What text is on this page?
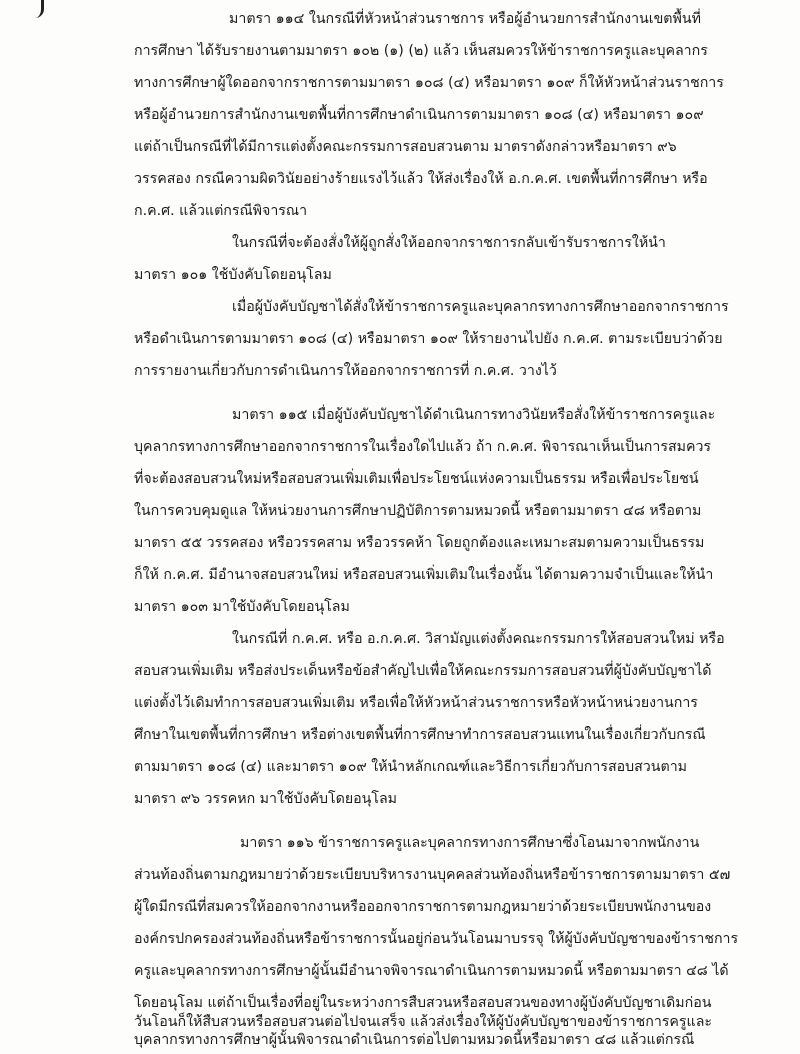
มาตรา ๑๑๔ ในกรณีที่หัวหน้าส่วนราชการ หรือผู้อำนวยการสำนักงานเขตพื้นที่
การศึกษา ได้รับรายงานตามมาตรา ๑๐๒ (๑) (๒) แล้ว เห็นสมควรให้ข้าราชการครูและบุคลากร
ทางการศึกษาผู้ใดออกจากราชการตามมาตรา ๑๐๘ (๔) หรือมาตรา ๑๐๙ ก็ให้หัวหน้าส่วนราชการ
หรือผู้อำนวยการสำนักงานเขตพื้นที่การศึกษาดำเนินการตามมาตรา ๑๐๘ (๔) หรือมาตรา ๑๐๙
แต่ถ้าเป็นกรณีที่ได้มีการแต่งตั้งคณะกรรมการสอบสวนตาม มาตราดังกล่าวหรือมาตรา ๙๖
วรรคสอง กรณีความผิดวินัยอย่างร้ายแรงไว้แล้ว ให้ส่งเรื่องให้ อ.ก.ค.ศ. เขตพื้นที่การศึกษา หรือ
ก.ค.ศ. แล้วแต่กรณีพิจารณา
ในกรณีที่จะต้องสั่งให้ผู้ถูกสั่งให้ออกจากราชการกลับเข้ารับราชการให้นำ
มาตรา ๑๐๑ ใช้บังคับโดยอนุโลม
เมื่อผู้บังคับบัญชาได้สั่งให้ข้าราชการครูและบุคลากรทางการศึกษาออกจากราชการ
หรือดำเนินการตามมาตรา ๑๐๘ (๔) หรือมาตรา ๑๐๙ ให้รายงานไปยัง ก.ค.ศ. ตามระเบียบว่าด้วย
การรายงานเกี่ยวกับการดำเนินการให้ออกจากราชการที่ ก.ค.ศ. วางไว้
มาตรา ๑๑๕ เมื่อผู้บังคับบัญชาได้ดำเนินการทางวินัยหรือสั่งให้ข้าราชการครูและ
บุคลากรทางการศึกษาออกจากราชการในเรื่องใดไปแล้ว ถ้า ก.ค.ศ. พิจารณาเห็นเป็นการสมควร
ที่จะต้องสอบสวนใหม่หรือสอบสวนเพิ่มเติมเพื่อประโยชน์แห่งความเป็นธรรม หรือเพื่อประโยชน์
ในการควบคุมดูแล ให้หน่วยงานการศึกษาปฏิบัติการตามหมวดนี้ หรือตามมาตรา ๔๘ หรือตาม
มาตรา ๕๕ วรรคสอง หรือวรรคสาม หรือวรรคห้า โดยถูกต้องและเหมาะสมตามความเป็นธรรม
ก็ให้ ก.ค.ศ. มีอำนาจสอบสวนใหม่ หรือสอบสวนเพิ่มเติมในเรื่องนั้น ได้ตามความจำเป็นและให้นำ
มาตรา ๑๐๓ มาใช้บังคับโดยอนุโลม
ในกรณีที่ ก.ค.ศ. หรือ อ.ก.ค.ศ. วิสามัญแต่งตั้งคณะกรรมการให้สอบสวนใหม่ หรือ
สอบสวนเพิ่มเติม หรือส่งประเด็นหรือข้อสำคัญไปเพื่อให้คณะกรรมการสอบสวนที่ผู้บังคับบัญชาได้
แต่งตั้งไว้เดิมทำการสอบสวนเพิ่มเติม หรือเพื่อให้หัวหน้าส่วนราชการหรือหัวหน้าหน่วยงานการ
ศึกษาในเขตพื้นที่การศึกษา หรือต่างเขตพื้นที่การศึกษาทำการสอบสวนแทนในเรื่องเกี่ยวกับกรณี
ตามมาตรา ๑๐๘ (๔) และมาตรา ๑๐๙ ให้นำหลักเกณฑ์และวิธีการเกี่ยวกับการสอบสวนตาม
มาตรา ๙๖ วรรคหก มาใช้บังคับโดยอนุโลม
มาตรา ๑๑๖ ข้าราชการครูและบุคลากรทางการศึกษาซึ่งโอนมาจากพนักงาน
ส่วนท้องถิ่นตามกฎหมายว่าด้วยระเบียบบริหารงานบุคคลส่วนท้องถิ่นหรือข้าราชการตามมาตรา ๕๗
ผู้ใดมีกรณีที่สมควรให้ออกจากงานหรือออกจากราชการตามกฎหมายว่าด้วยระเบียบพนักงานของ
องค์กรปกครองส่วนท้องถิ่นหรือข้าราชการนั้นอยู่ก่อนวันโอนมาบรรจุ ให้ผู้บังคับบัญชาของข้าราชการ
ครูและบุคลากรทางการศึกษาผู้นั้นมีอำนาจพิจารณาดำเนินการตามหมวดนี้ หรือตามมาตรา ๔๘ ได้
โดยอนุโลม แต่ถ้าเป็นเรื่องที่อยู่ในระหว่างการสืบสวนหรือสอบสวนของทางผู้บังคับบัญชาเดิมก่อน
วันโอนก็ให้สืบสวนหรือสอบสวนต่อไปจนเสร็จ แล้วส่งเรื่องให้ผู้บังคับบัญชาของข้าราชการครูและ
บุคลากรทางการศึกษาผู้นั้นพิจารณาดำเนินการต่อไปตามหมวดนี้หรือมาตรา ๔๘ แล้วแต่กรณี
